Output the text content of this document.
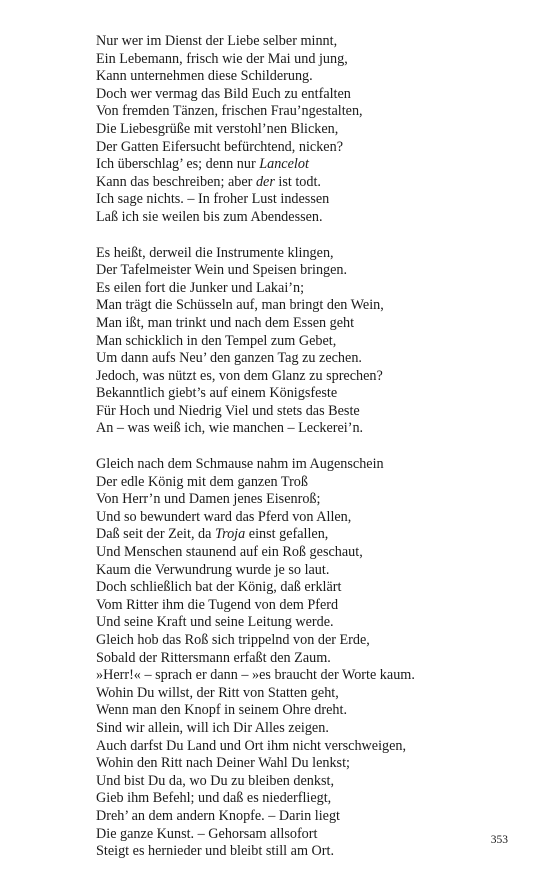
Nur wer im Dienst der Liebe selber minnt,
Ein Lebemann, frisch wie der Mai und jung,
Kann unternehmen diese Schilderung.
Doch wer vermag das Bild Euch zu entfalten
Von fremden Tänzen, frischen Frau’ngestalten,
Die Liebesgrüße mit verstohl’nen Blicken,
Der Gatten Eifersucht befürchtend, nicken?
Ich überschlag’ es; denn nur Lancelot
Kann das beschreiben; aber der ist todt.
Ich sage nichts. – In froher Lust indessen
Laß ich sie weilen bis zum Abendessen.
Es heißt, derweil die Instrumente klingen,
Der Tafelmeister Wein und Speisen bringen.
Es eilen fort die Junker und Lakai’n;
Man trägt die Schüsseln auf, man bringt den Wein,
Man ißt, man trinkt und nach dem Essen geht
Man schicklich in den Tempel zum Gebet,
Um dann aufs Neu’ den ganzen Tag zu zechen.
Jedoch, was nützt es, von dem Glanz zu sprechen?
Bekanntlich giebt’s auf einem Königsfeste
Für Hoch und Niedrig Viel und stets das Beste
An – was weiß ich, wie manchen – Leckerei’n.
Gleich nach dem Schmause nahm im Augenschein
Der edle König mit dem ganzen Troß
Von Herr’n und Damen jenes Eisenroß;
Und so bewundert ward das Pferd von Allen,
Daß seit der Zeit, da Troja einst gefallen,
Und Menschen staunend auf ein Roß geschaut,
Kaum die Verwundrung wurde je so laut.
Doch schließlich bat der König, daß erklärt
Vom Ritter ihm die Tugend von dem Pferd
Und seine Kraft und seine Leitung werde.
Gleich hob das Roß sich trippelnd von der Erde,
Sobald der Rittersmann erfaßt den Zaum.
»Herr!« – sprach er dann – »es braucht der Worte kaum.
Wohin Du willst, der Ritt von Statten geht,
Wenn man den Knopf in seinem Ohre dreht.
Sind wir allein, will ich Dir Alles zeigen.
Auch darfst Du Land und Ort ihm nicht verschweigen,
Wohin den Ritt nach Deiner Wahl Du lenkst;
Und bist Du da, wo Du zu bleiben denkst,
Gieb ihm Befehl; und daß es niederfliegt,
Dreh’ an dem andern Knopfe. – Darin liegt
Die ganze Kunst. – Gehorsam allsofort
Steigt es hernieder und bleibt still am Ort.
353
